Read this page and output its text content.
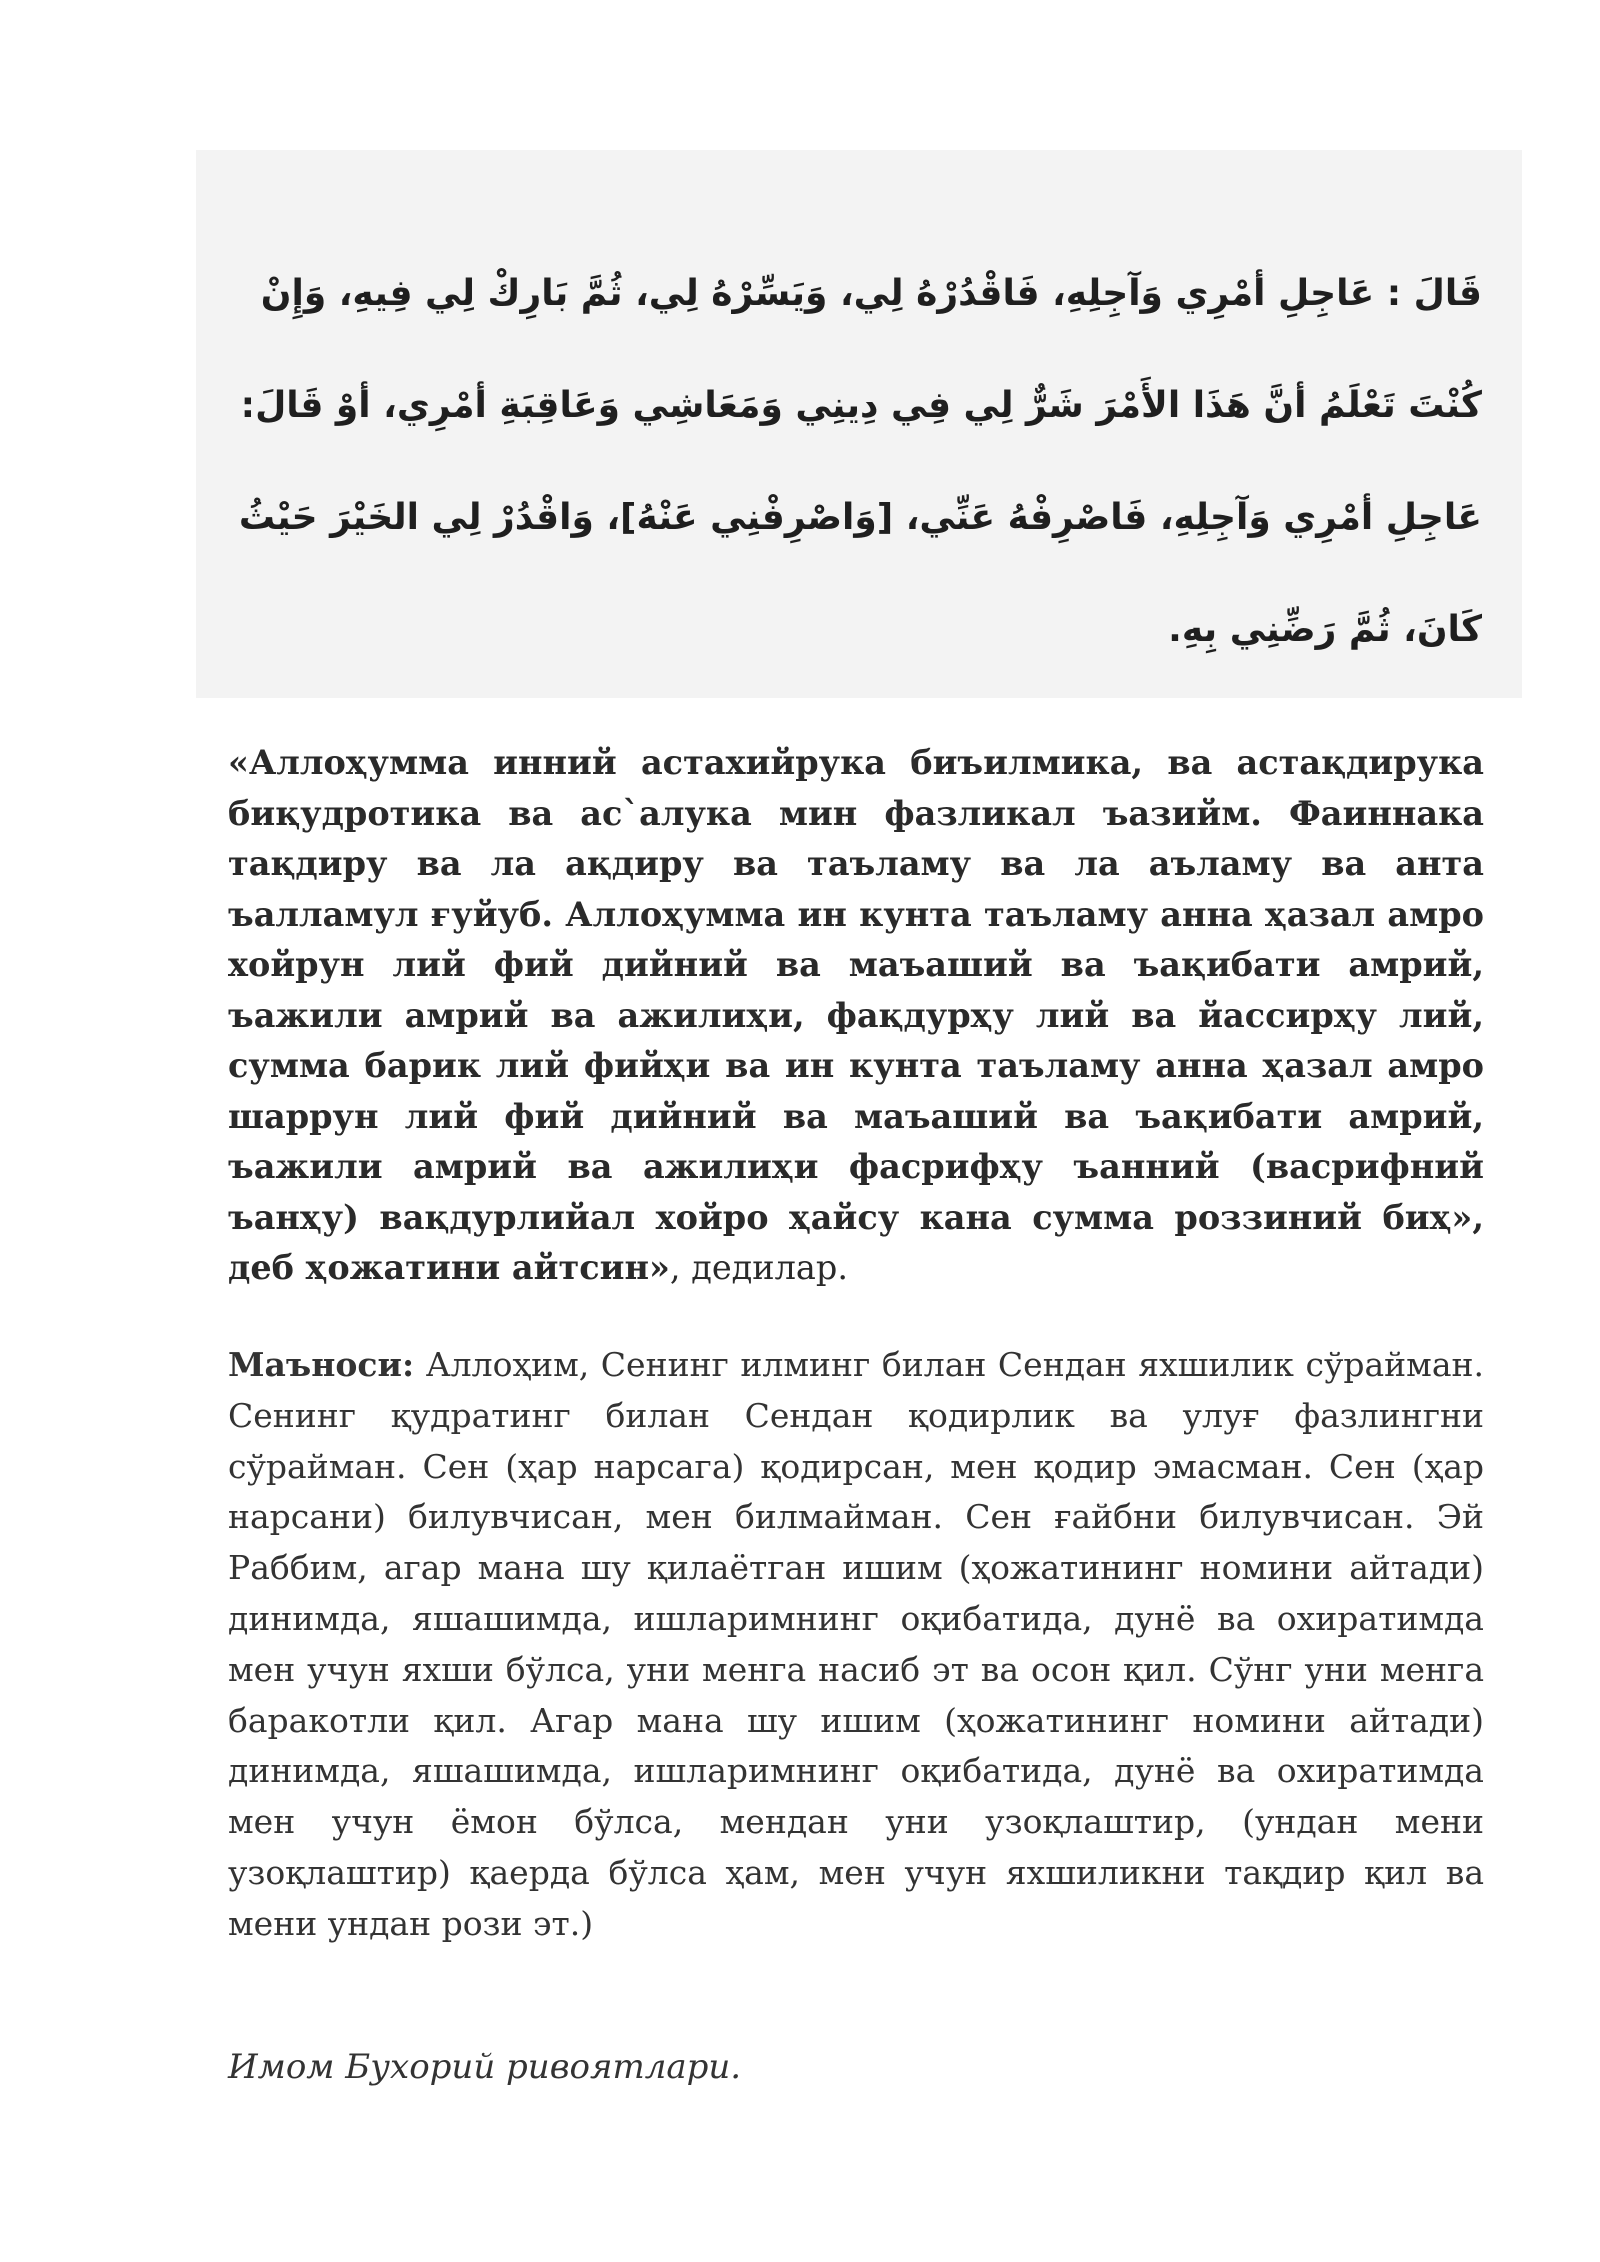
قَالَ : عَاجِلِ أمْرِي وَآجِلِهِ، فَاقْدُرْهُ لِي، وَيَسِّرْهُ لِي، ثُمَّ بَارِكْ لِي فِيهِ، وَإِنْ
كُنْتَ تَعْلَمُ أنَّ هَذَا الأَمْرَ شَرٌّ لِي فِي دِينِي وَمَعَاشِي وَعَاقِبَةِ أمْرِي، أوْ قَالَ:
عَاجِلِ أمْرِي وَآجِلِهِ، فَاصْرِفْهُ عَنِّي، [وَاصْرِفْنِي عَنْهُ]، وَاقْدُرْ لِي الخَيْرَ حَيْثُ
كَانَ، ثُمَّ رَضِّنِي بِهِ.

«Аллоҳумма инний астахийрука биъилмика, ва астақдирука биқудротика ва ас`алука мин фазликал ъазийм. Фаиннака тақдиру ва ла ақдиру ва таъламу ва ла аъламу ва анта ъалламул ғуйуб. Аллоҳумма ин кунта таъламу анна ҳазал амро хойрун лий фий дийний ва маъаший ва ъақибати амрий, ъажили амрий ва ажилиҳи, фақдурҳу лий ва йассирҳу лий, сумма барик лий фийҳи ва ин кунта таъламу анна ҳазал амро шаррун лий фий дийний ва маъаший ва ъақибати амрий, ъажили амрий ва ажилиҳи фасрифҳу ъанний (васрифний ъанҳу) вақдурлийал хойро ҳайсу кана сумма роззиний биҳ», деб ҳожатини айтсин», дедилар.

Маъноси: Аллоҳим, Сенинг илминг билан Сендан яхшилик сўрайман. Сенинг қудратинг билан Сендан қодирлик ва улуғ фазлингни сўрайман. Сен (ҳар нарсага) қодирсан, мен қодир эмасман. Сен (ҳар нарсани) билувчисан, мен билмайман. Сен ғайбни билувчисан. Эй Раббим, агар мана шу қилаётган ишим (ҳожатининг номини айтади) динимда, яшашимда, ишларимнинг оқибатида, дунё ва охиратимда мен учун яхши бўлса, уни менга насиб эт ва осон қил. Сўнг уни менга баракотли қил. Агар мана шу ишим (ҳожатининг номини айтади) динимда, яшашимда, ишларимнинг оқибатида, дунё ва охиратимда мен учун ёмон бўлса, мендан уни узоқлаштир, (ундан мени узоқлаштир) қаерда бўлса ҳам, мен учун яхшиликни тақдир қил ва мени ундан рози эт.)

Имом Бухорий ривоятлари.
